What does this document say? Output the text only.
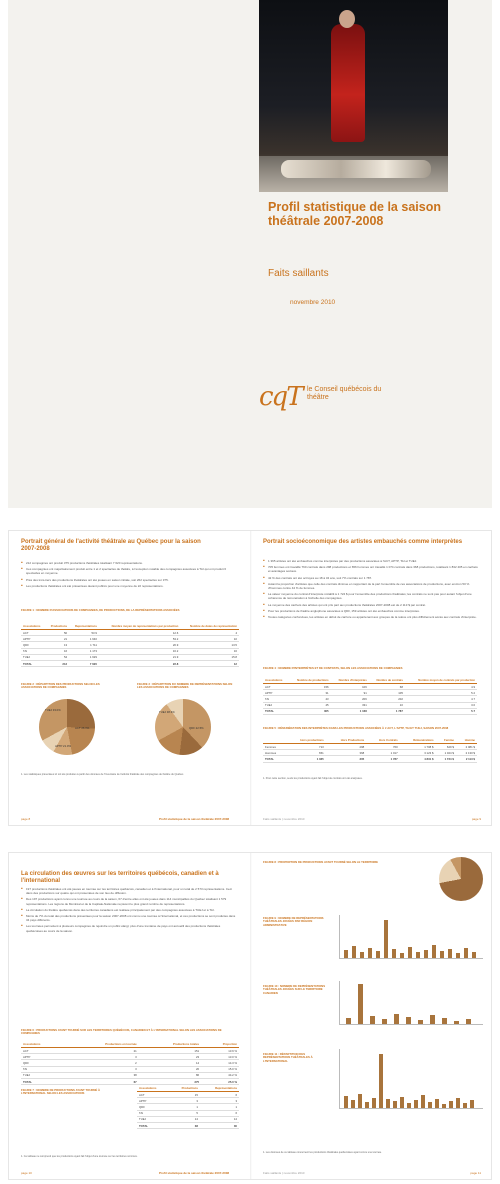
Profil statistique de la saison théâtrale 2007-2008
Faits saillants
novembre 2010
cqT le Conseil québécois du théâtre
Portrait général de l'activité théâtrale au Québec pour la saison 2007-2008
■ 212 compagnies ont produit 375 productions théâtrales totalisant 7 620 représentations.
■ Ces compagnies ont majoritairement produit entre 1 et 2 spectacles de théâtre, à l'exception notable des compagnies associées à TAI qui ont produit 6 spectacles en moyenne.
■ Près des trois-tiers des productions théâtrales ont été jouées en saison initiale, soit 262 spectacles sur 375.
■ Les productions théâtrales ont été présentées devant publics pour une moyenne de 22 représentations.
FIGURE 1 : NOMBRE D'ASSOCIATIONS DE COMPAGNIES, DE PRODUCTIONS, DE LA REPRÉSENTATIONS ASSOCIÉES
Associations	Productions	Représentations	Nombre moyen de représentations par production	Nombre de dates de représentation
ACT	50	53.9	12.6	4
APTP	21	1 640	53.2	10
QDF	13	1 711	20.9	13.5
TAI	16	1 173	16.2	16
TUEJ	54	1 629	21.9	15.8
TOTAL	212	7 620	22.8	12
FIGURE 2 : RÉPARTITION DES PRODUCTIONS SELON LES ASSOCIATIONS DE COMPAGNIES
TUEJ 33.0%
ACT 26.0%
APTP 21.0%
FIGURE 3 : RÉPARTITION DU NOMBRE DE REPRÉSENTATIONS SELON LES ASSOCIATIONS DE COMPAGNIES
TUEJ 38.3%
QDF 22.5%
1. Les statistiques présentées ici ont été produites à partir des données de l'Inventaire de l'activité théâtrale des compagnies de théâtre du Québec.
Portrait socioéconomique des artistes embauchés comme interprètes
■ 1 365 artistes ont été embauchés comme interprètes par des productions associées à l'ACT, APTP, TAI et TUEJ.
■ 705 femmes ont travaillé 760 contrats dans 298 productions et 656 hommes ont travaillé 1 074 contrats dans 368 productions, totalisant 1 832 405 en cachets et avantages sociaux.
■ 42 % des contrats ont été octroyés au 18 à 34 ans, soit 7% contrats sur 1 787.
■ Autant la proportion d'artistes que celle des contrats diminue en rapportant de la part l'ensemble de ces associations de productions, avec environ 50 % d'hommes contre 44 % de femmes.
■ La valeur moyenne du contrat d'interprète s'établit à 1 724 $ pour l'ensemble des productions théâtrales; les contrats ne sont pas pour autant l'objet d'une cohérence de rémunération à l'échelle des compagnies.
■ La moyenne des cachets des artistes qui ont pris part aux productions théâtrales 2007-2008 est de 2 113 $ par contrat.
■ Pour les productions de théâtre anglophone associées à QDF, 159 artistes ont été embauchés comme interprètes.
■ Toutes catégories confondues, les artistes en début de carrière ou appartenant aux groupes de la relève ont plus difficilement accès aux contrats d'interprète.
FIGURE 4 : NOMBRE D'INTERPRÈTES ET DE CONTRATS, SELON LES ASSOCIATIONS DE COMPAGNIES
Associations	Nombre de productions	Nombre d'interprètes	Nombre de contrats	Nombre moyen de contrats par production
ACT	156	106	68	4.9
APTP	31	91	105	5.2
TAI	43	206	202	4.7
TUEJ	45	331	10	3.0
TOTAL	305	1 168	1 787	5.7
FIGURE 5 : RÉMUNÉRATION DES INTERPRÈTES DANS LES PRODUCTIONS ASSOCIÉES À L'ACT, L'APTP, TAI ET TUEJ, SAISON 2007-2008
	Hors productions	Hors Productions	Hors Contrats	Rémunérations	Femme	Homme
Femmes	713	298	760	1 708 $	629 $	2 081 $
Hommes	651	368	1 017	3 123 $	1 024 $	2 130 $
TOTAL	1 365	305	1 787	4 831 $	1 724 $	2 113 $
1. Pour cette section, seuls les productions ayant fait l'objet de contrats ont été analysées.
Profil statistique de la saison théâtrale 2007-2008	Faits saillants | novembre 2010
page 8	page 9
La circulation des œuvres sur les territoires québécois, canadien et à l'international
■ 197 productions théâtrales ont été jouées en tournée sur les territoires québécois, canadien et à l'international, pour un total de 2 573 représentations. Ceci dans des productions sur quatre qui ont présentées de son lieu de diffusion.
■ Des 197 productions ayant connu une tournée au cours de la saison, 67 d'entre elles ont été jouées dans 114 municipalités du Québec totalisant 1 579 représentations. Les régions de Montréal et de la Capitale-Nationale reçoivent le plus grand nombre de représentations.
■ La circulation du théâtre québécois dans des territoires canadiens est réalisée principalement par des compagnies associées à TUEJ et à TAI.
■ Moins de 7% du total des productions présentées pour la saison 2007-2008 ont connu une tournée à l'international, et ces productions se sont produites dans 34 pays différents.
■ Les tournées permettent à plusieurs compagnies de rejoindre un public élargi; plus d'une trentaine de pays ont accueilli des productions théâtrales québécoises au cours de la saison.
FIGURE 6 : PRODUCTIONS AYANT TOURNÉ SUR LES TERRITOIRES QUÉBÉCOIS, CANADIEN ET À L'INTERNATIONAL SELON LES ASSOCIATIONS DE COMPAGNIES
Associations	Productions en tournée	Productions totales	Proportion
ACT	21	151	13.9 %
APTP	3	23	13.0 %
QDF	2	14	14.3 %
TAI	3	20	15.0 %
TUEJ	38	86	44.2 %
TOTAL	67	375	25.0 %
FIGURE 7 : NOMBRE DE PRODUCTIONS AYANT TOURNÉ À L'INTERNATIONAL SELON LES ASSOCIATIONS
Associations	Productions	Représentations
ACT	15	6
APTP	3	3
QDF	1	1
TAI	5	6
TUEJ	14	14
TOTAL	38	30
1. Ce tableau ne comprend que les productions ayant fait l'objet d'une tournée sur les territoires nommés.
FIGURE 8 : PROPORTION DE PRODUCTIONS AYANT TOURNÉ SELON LE TERRITOIRE
FIGURE 9 : NOMBRE DE REPRÉSENTATIONS THÉÂTRALES JOUÉES PAR RÉGION ADMINISTRATIVE
FIGURE 10 : NOMBRE DE REPRÉSENTATIONS THÉÂTRALES JOUÉES SUR LE TERRITOIRE CANADIEN
FIGURE 11 : RÉPARTITION DES REPRÉSENTATIONS THÉÂTRALES À L'INTERNATIONAL
1. Les données de ce tableau concernent les productions théâtrales québécoises ayant connu une tournée.
Profil statistique de la saison théâtrale 2007-2008	Faits saillants | novembre 2010
page 10	page 11
